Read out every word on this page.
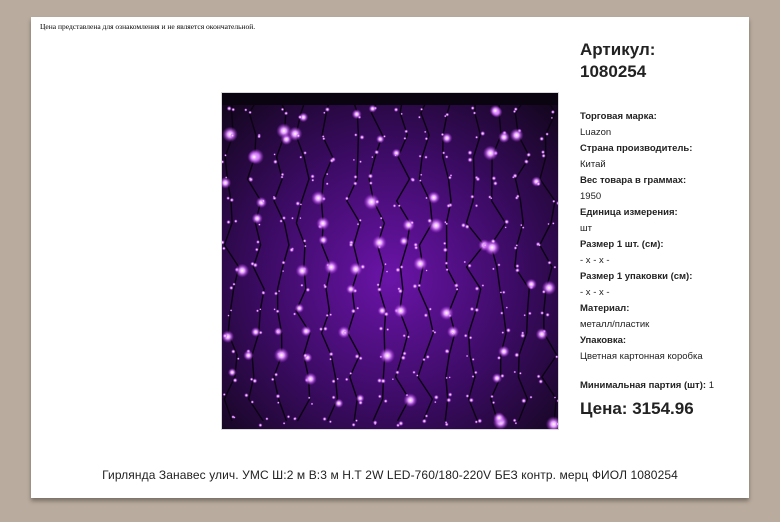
Цена представлена для ознакомления и не является окончательной.
Артикул:
1080254
Торговая марка:
Luazon
Страна производитель:
Китай
Вес товара в граммах:
1950
Единица измерения:
шт
Размер 1 шт. (см):
- x - x -
Размер 1 упаковки (см):
- x - x -
Материал:
металл/пластик
Упаковка:
Цветная картонная коробка
Минимальная партия (шт): 1
Цена: 3154.96
Гирлянда Занавес улич. УМС Ш:2 м В:3 м Н.Т 2W LED-760/180-220V БЕЗ контр. мерц ФИОЛ 1080254
